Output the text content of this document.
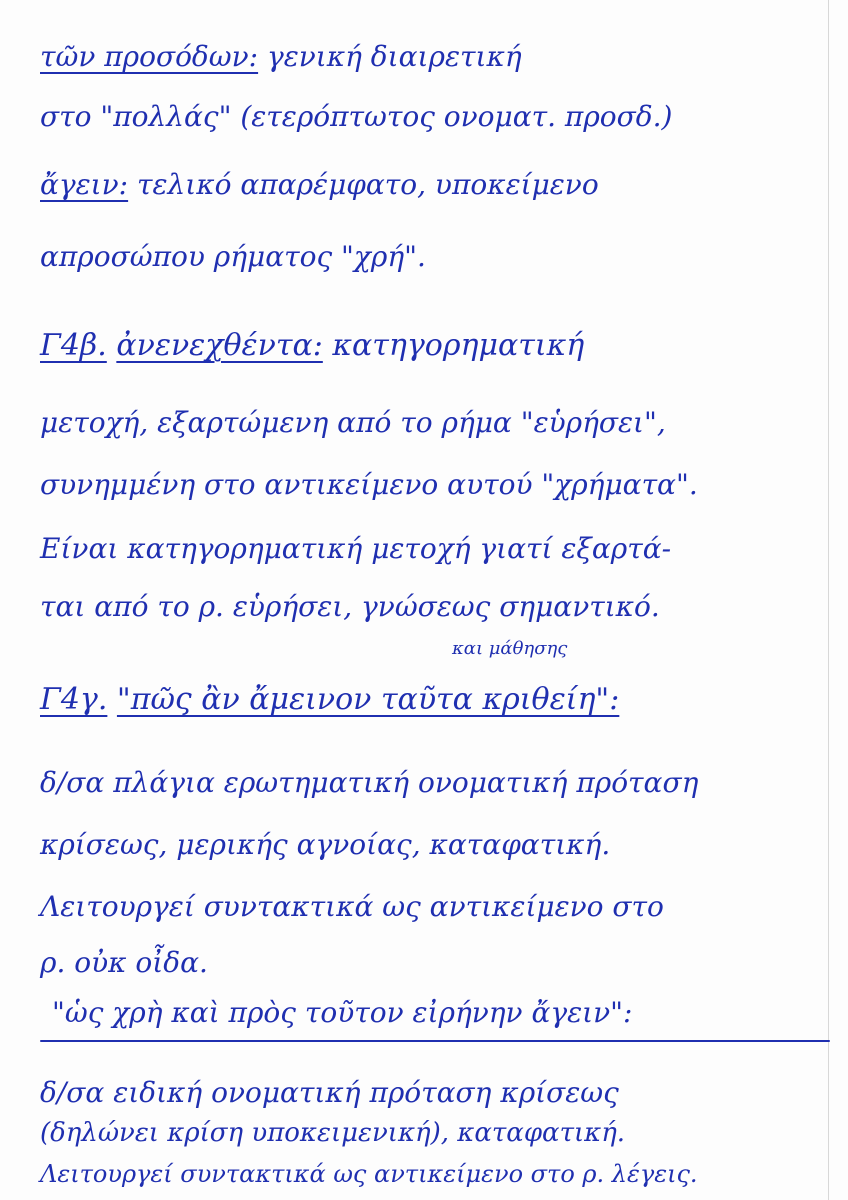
τῶν προσόδων: γενική διαιρετική
στο "πολλάς" (ετερόπτωτος ονοματ. προσδ.)
ἄγειν: τελικό απαρέμφατο, υποκείμενο
απροσώπου ρήματος "χρή".
Γ4β. ἀνενεχθέντα: κατηγορηματική
μετοχή, εξαρτώμενη από το ρήμα "εὑρήσει",
συνημμένη στο αντικείμενο αυτού "χρήματα".
Είναι κατηγορηματική μετοχή γιατί εξαρτά-
ται από το ρ. εὑρήσει, γνώσεως σημαντικό.
και μάθησης
Γ4γ. "πῶς ἂν ἄμεινον ταῦτα κριθείη":
δ/σα πλάγια ερωτηματική ονοματική πρόταση
κρίσεως, μερικής αγνοίας, καταφατική.
Λειτουργεί συντακτικά ως αντικείμενο στο
ρ. οὐκ οἶδα.
"ὡς χρὴ καὶ πρὸς τοῦτον εἰρήνην ἄγειν":
δ/σα ειδική ονοματική πρόταση κρίσεως
(δηλώνει κρίση υποκειμενική), καταφατική.
Λειτουργεί συντακτικά ως αντικείμενο στο ρ. λέγεις.
